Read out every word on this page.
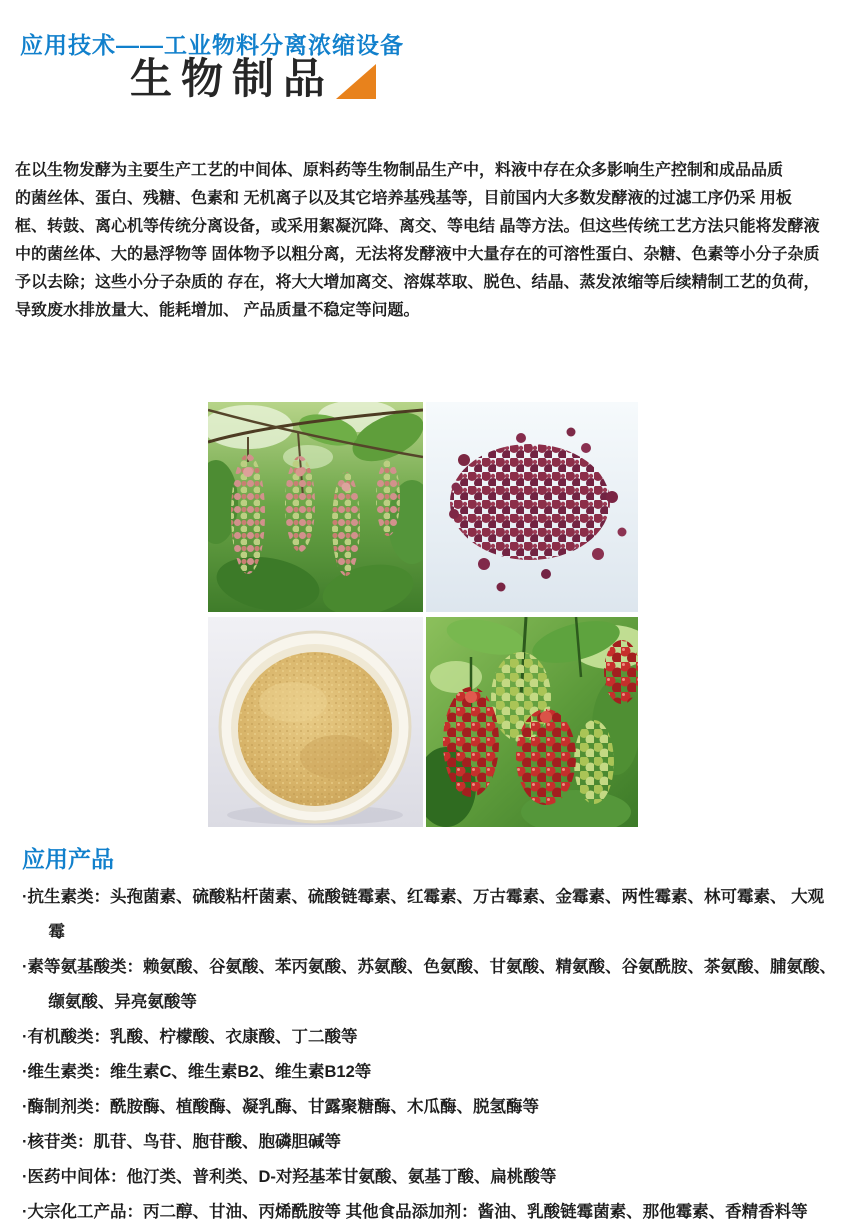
应用技术——工业物料分离浓缩设备
生物制品
在以生物发酵为主要生产工艺的中间体、原料药等生物制品生产中，料液中存在众多影响生产控制和成品品质
的菌丝体、蛋白、残糖、色素和 无机离子以及其它培养基残基等，目前国内大多数发酵液的过滤工序仍采 用板
框、转鼓、离心机等传统分离设备，或采用絮凝沉降、离交、等电结 晶等方法。但这些传统工艺方法只能将发酵液
中的菌丝体、大的悬浮物等 固体物予以粗分离，无法将发酵液中大量存在的可溶性蛋白、杂糖、色素等小分子杂质
予以去除；这些小分子杂质的 存在，将大大增加离交、溶媒萃取、脱色、结晶、蒸发浓缩等后续精制工艺的负荷，
导致废水排放量大、能耗增加、 产品质量不稳定等问题。
应用产品
·抗生素类：头孢菌素、硫酸粘杆菌素、硫酸链霉素、红霉素、万古霉素、金霉素、两性霉素、林可霉素、 大观霉
·素等氨基酸类：赖氨酸、谷氨酸、苯丙氨酸、苏氨酸、色氨酸、甘氨酸、精氨酸、谷氨酰胺、茶氨酸、脯氨酸、 缬氨酸、异亮氨酸等
·有机酸类：乳酸、柠檬酸、衣康酸、丁二酸等
·维生素类：维生素C、维生素B2、维生素B12等
·酶制剂类：酰胺酶、植酸酶、凝乳酶、甘露聚糖酶、木瓜酶、脱氢酶等
·核苷类：肌苷、鸟苷、胞苷酸、胞磷胆碱等
·医药中间体：他汀类、普利类、D-对羟基苯甘氨酸、氨基丁酸、扁桃酸等
·大宗化工产品：丙二醇、甘油、丙烯酰胺等 其他食品添加剂：酱油、乳酸链霉菌素、那他霉素、香精香料等
